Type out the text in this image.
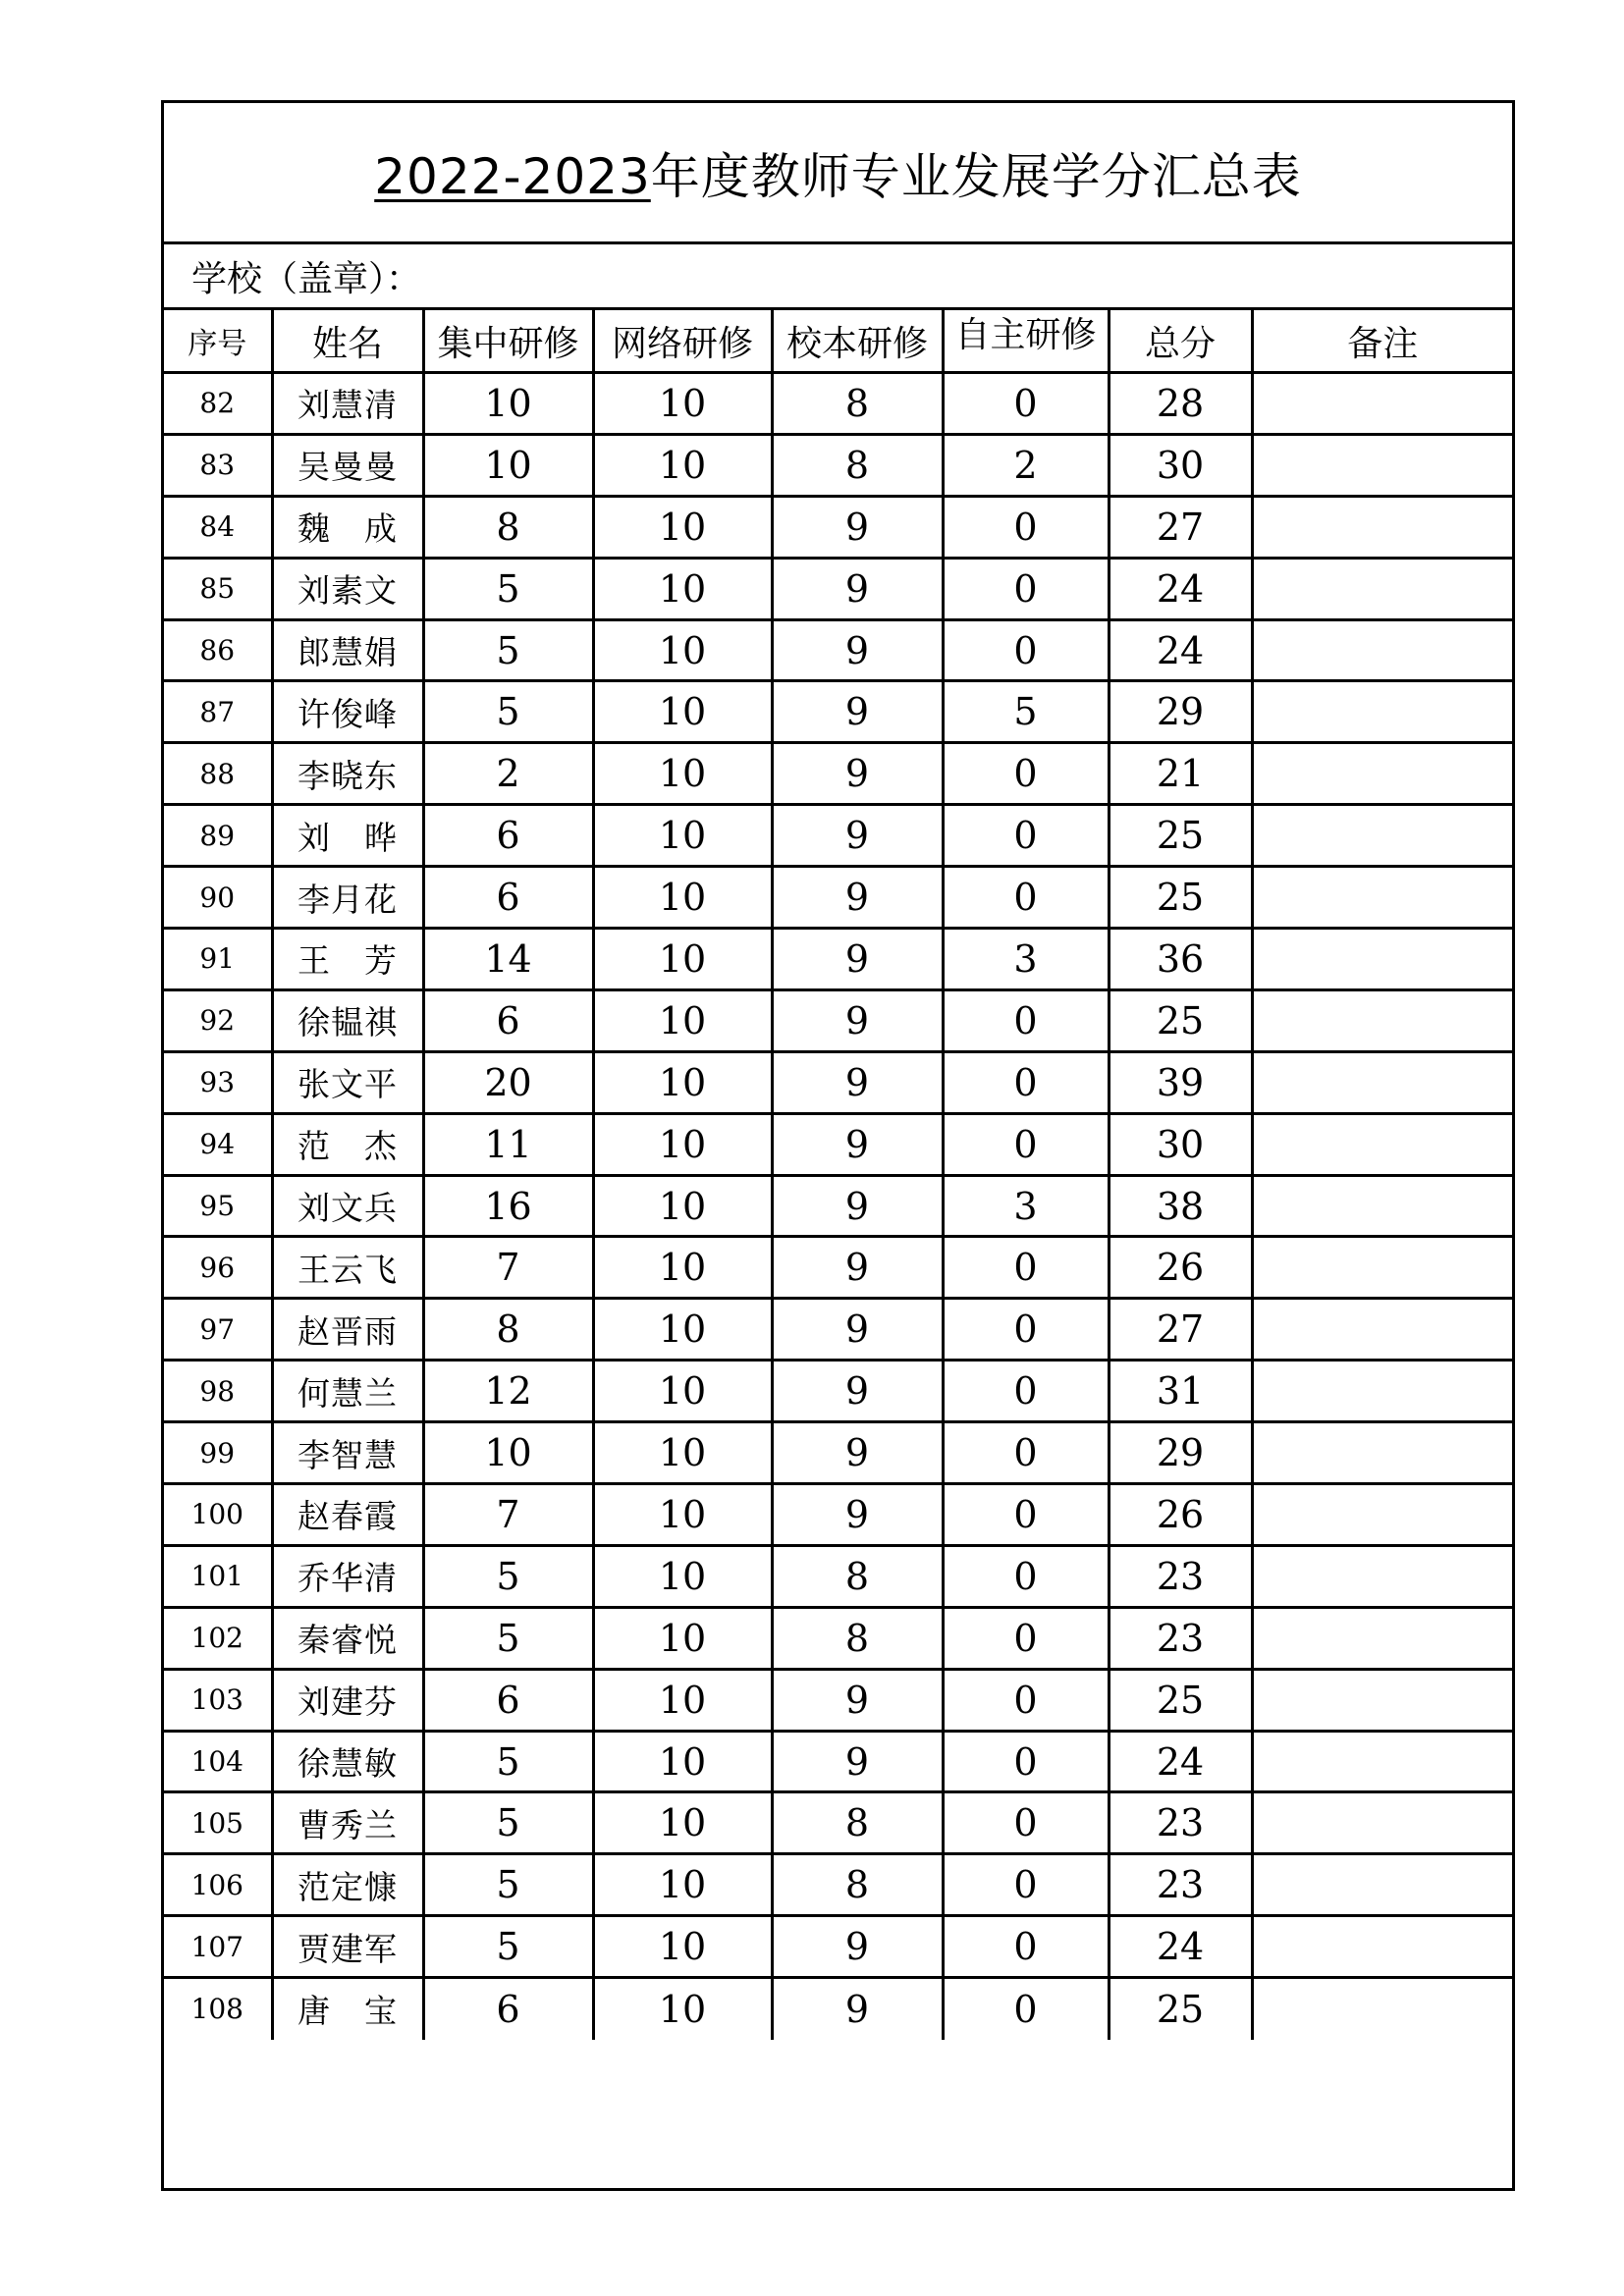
2022-2023年度教师专业发展学分汇总表
学校（盖章）：
序号	姓名	集中研修	网络研修	校本研修	自主研修	总分	备注
82	刘慧清	10	10	8	0	28	
83	吴曼曼	10	10	8	2	30	
84	魏　成	8	10	9	0	27	
85	刘素文	5	10	9	0	24	
86	郎慧娟	5	10	9	0	24	
87	许俊峰	5	10	9	5	29	
88	李晓东	2	10	9	0	21	
89	刘　晔	6	10	9	0	25	
90	李月花	6	10	9	0	25	
91	王　芳	14	10	9	3	36	
92	徐韫祺	6	10	9	0	25	
93	张文平	20	10	9	0	39	
94	范　杰	11	10	9	0	30	
95	刘文兵	16	10	9	3	38	
96	王云飞	7	10	9	0	26	
97	赵晋雨	8	10	9	0	27	
98	何慧兰	12	10	9	0	31	
99	李智慧	10	10	9	0	29	
100	赵春霞	7	10	9	0	26	
101	乔华清	5	10	8	0	23	
102	秦睿悦	5	10	8	0	23	
103	刘建芬	6	10	9	0	25	
104	徐慧敏	5	10	9	0	24	
105	曹秀兰	5	10	8	0	23	
106	范定慷	5	10	8	0	23	
107	贾建军	5	10	9	0	24	
108	唐　宝	6	10	9	0	25	
